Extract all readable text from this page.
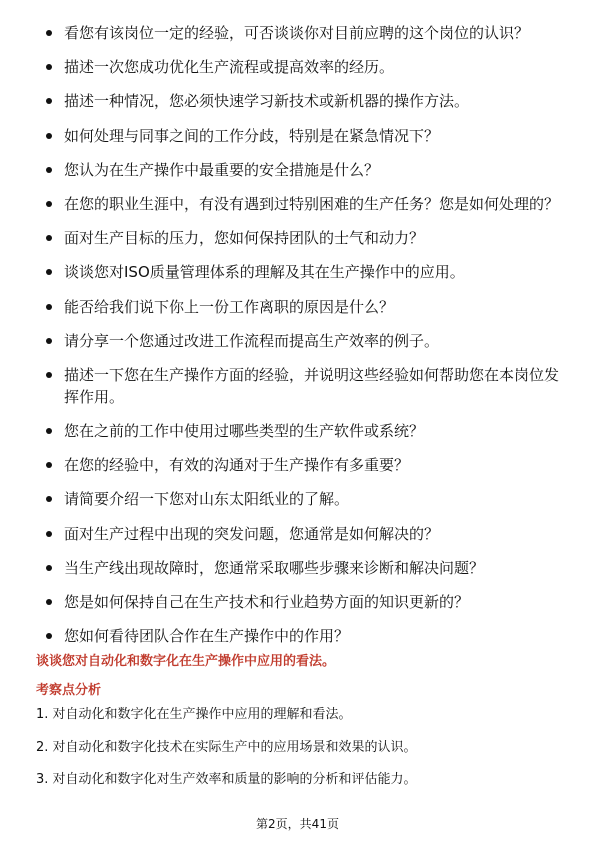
看您有该岗位一定的经验，可否谈谈你对目前应聘的这个岗位的认识？
描述一次您成功优化生产流程或提高效率的经历。
描述一种情况，您必须快速学习新技术或新机器的操作方法。
如何处理与同事之间的工作分歧，特别是在紧急情况下？
您认为在生产操作中最重要的安全措施是什么？
在您的职业生涯中，有没有遇到过特别困难的生产任务？您是如何处理的？
面对生产目标的压力，您如何保持团队的士气和动力？
谈谈您对ISO质量管理体系的理解及其在生产操作中的应用。
能否给我们说下你上一份工作离职的原因是什么？
请分享一个您通过改进工作流程而提高生产效率的例子。
描述一下您在生产操作方面的经验，并说明这些经验如何帮助您在本岗位发挥作用。
您在之前的工作中使用过哪些类型的生产软件或系统？
在您的经验中，有效的沟通对于生产操作有多重要？
请简要介绍一下您对山东太阳纸业的了解。
面对生产过程中出现的突发问题，您通常是如何解决的？
当生产线出现故障时，您通常采取哪些步骤来诊断和解决问题？
您是如何保持自己在生产技术和行业趋势方面的知识更新的？
您如何看待团队合作在生产操作中的作用？
谈谈您对自动化和数字化在生产操作中应用的看法。
考察点分析
1. 对自动化和数字化在生产操作中应用的理解和看法。
2. 对自动化和数字化技术在实际生产中的应用场景和效果的认识。
3. 对自动化和数字化对生产效率和质量的影响的分析和评估能力。
第2页，共41页
